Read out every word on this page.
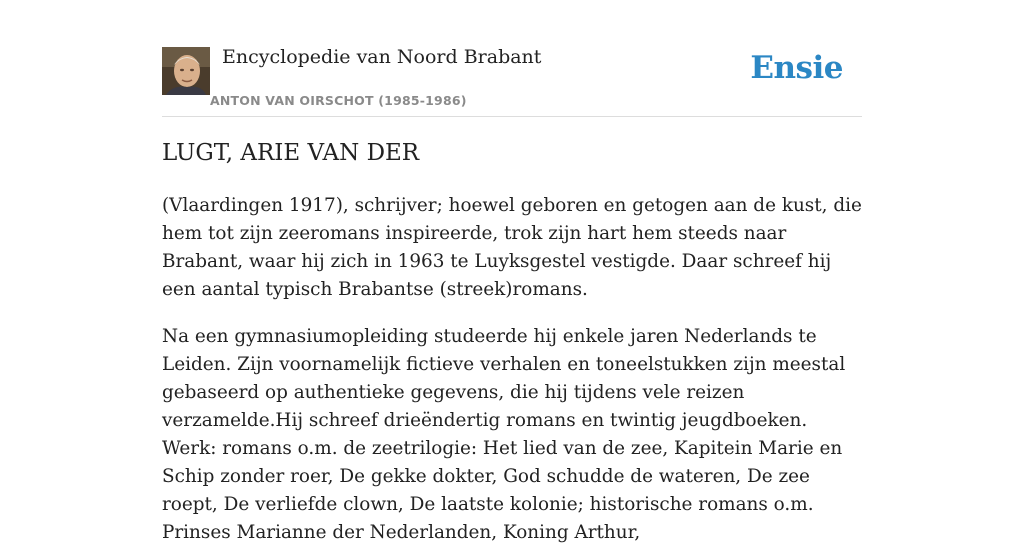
Encyclopedie van Noord Brabant
ANTON VAN OIRSCHOT (1985-1986)
Ensie
LUGT, ARIE VAN DER

(Vlaardingen 1917), schrijver; hoewel geboren en getogen aan de kust, die hem tot zijn zeeromans inspireerde, trok zijn hart hem steeds naar Brabant, waar hij zich in 1963 te Luyksgestel vestigde. Daar schreef hij een aantal typisch Brabantse (streek)romans.

Na een gymnasiumopleiding studeerde hij enkele jaren Nederlands te Leiden. Zijn voornamelijk fictieve verhalen en toneelstukken zijn meestal gebaseerd op authentieke gegevens, die hij tijdens vele reizen verzamelde.Hij schreef drieëndertig romans en twintig jeugdboeken. Werk: romans o.m. de zeetrilogie: Het lied van de zee, Kapitein Marie en Schip zonder roer, De gekke dokter, God schudde de wateren, De zee roept, De verliefde clown, De laatste kolonie; historische romans o.m. Prinses Marianne der Nederlanden, Koning Arthur,
